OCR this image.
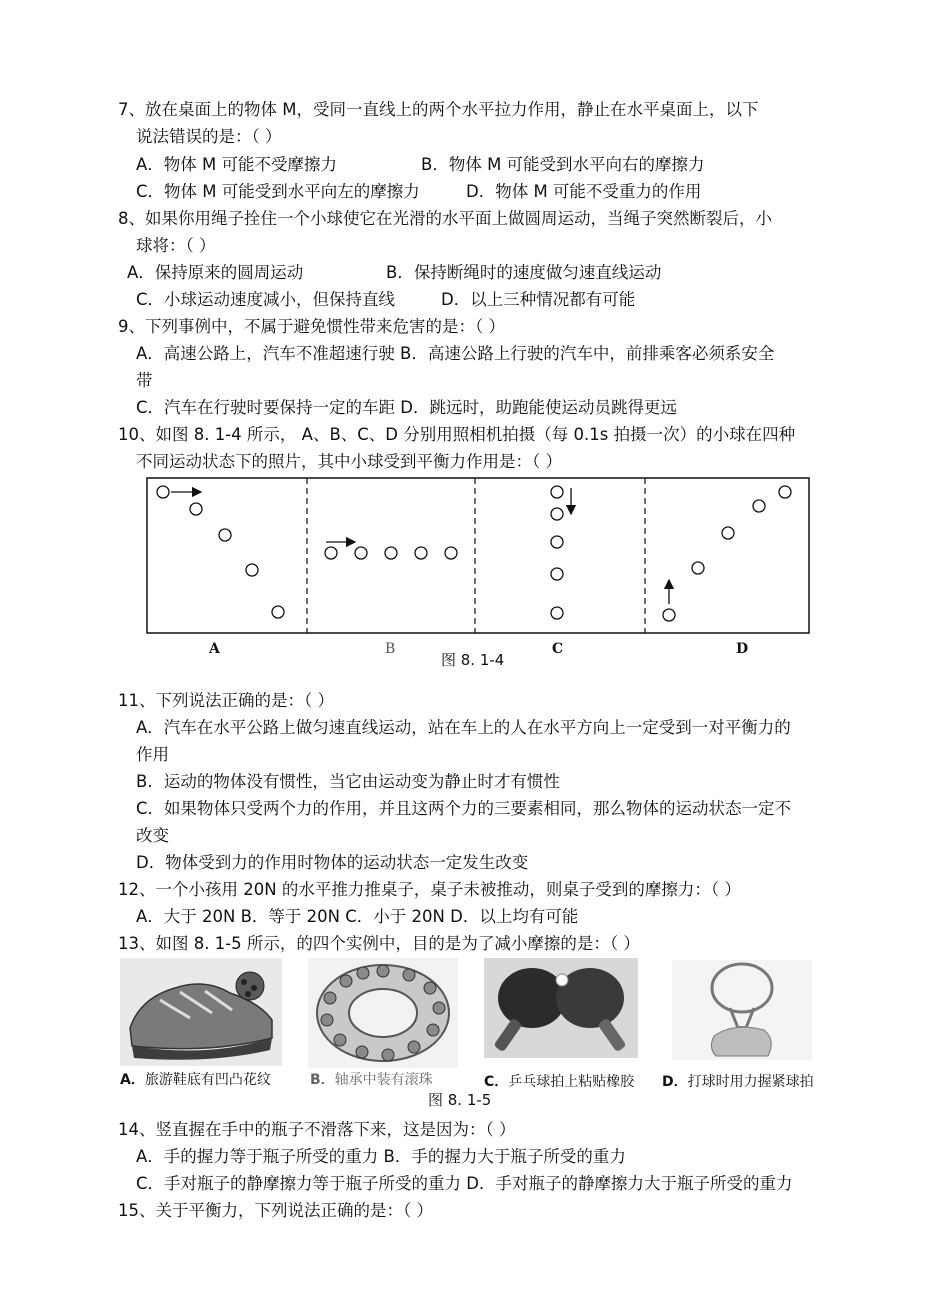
7、放在桌面上的物体 M，受同一直线上的两个水平拉力作用，静止在水平桌面上，以下
说法错误的是：（ ）
A．物体 M 可能不受摩擦力	B．物体 M 可能受到水平向右的摩擦力
C．物体 M 可能受到水平向左的摩擦力	D．物体 M 可能不受重力的作用
8、如果你用绳子拴住一个小球使它在光滑的水平面上做圆周运动，当绳子突然断裂后，小
球将：（ ）
A．保持原来的圆周运动	B．保持断绳时的速度做匀速直线运动
C．小球运动速度减小，但保持直线	D．以上三种情况都有可能
9、下列事例中，不属于避免惯性带来危害的是：（ ）
A．高速公路上，汽车不准超速行驶 B．高速公路上行驶的汽车中，前排乘客必须系安全
带
C．汽车在行驶时要保持一定的车距 D．跳远时，助跑能使运动员跳得更远
10、如图 8. 1-4 所示， A、B、C、D 分别用照相机拍摄（每 0.1s 拍摄一次）的小球在四种
不同运动状态下的照片，其中小球受到平衡力作用是：（ ）
A	B	C	D
图 8. 1-4
11、下列说法正确的是：（ ）
A．汽车在水平公路上做匀速直线运动，站在车上的人在水平方向上一定受到一对平衡力的
作用
B．运动的物体没有惯性，当它由运动变为静止时才有惯性
C．如果物体只受两个力的作用，并且这两个力的三要素相同，那么物体的运动状态一定不
改变
D．物体受到力的作用时物体的运动状态一定发生改变
12、一个小孩用 20N 的水平推力推桌子，桌子未被推动，则桌子受到的摩擦力：（ ）
A．大于 20N B．等于 20N C．小于 20N D．以上均有可能
13、如图 8. 1-5 所示，的四个实例中，目的是为了减小摩擦的是：（ ）
A．旅游鞋底有凹凸花纹	B．轴承中装有滚珠	C．乒乓球拍上粘贴橡胶 D．打球时用力握紧球拍
图 8. 1-5
14、竖直握在手中的瓶子不滑落下来，这是因为：（ ）
A．手的握力等于瓶子所受的重力 B．手的握力大于瓶子所受的重力
C．手对瓶子的静摩擦力等于瓶子所受的重力 D．手对瓶子的静摩擦力大于瓶子所受的重力
15、关于平衡力，下列说法正确的是：（ ）
